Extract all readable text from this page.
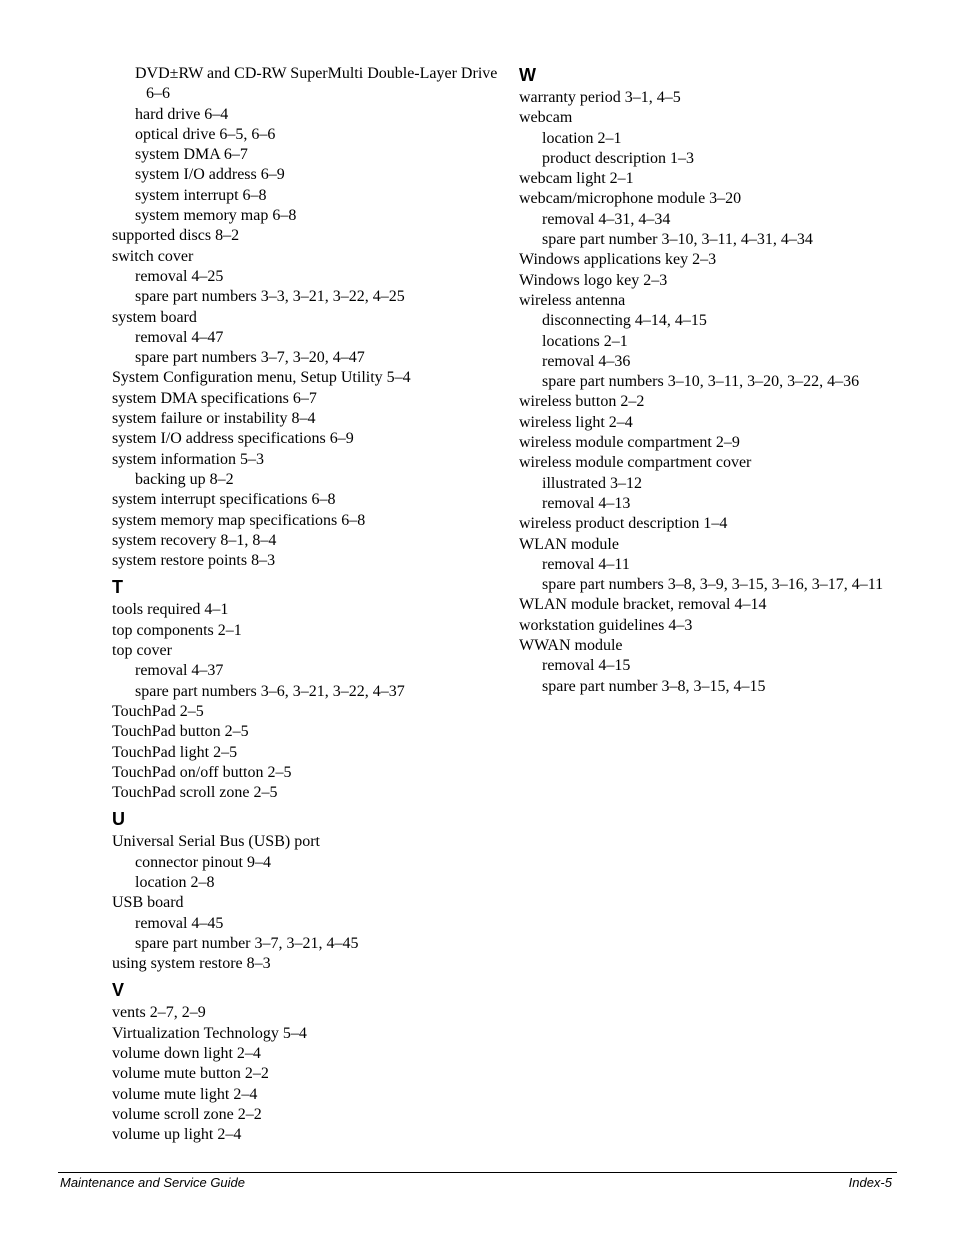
DVD±RW and CD-RW SuperMulti Double-Layer Drive 6–6
hard drive 6–4
optical drive 6–5, 6–6
system DMA 6–7
system I/O address 6–9
system interrupt 6–8
system memory map 6–8
supported discs 8–2
switch cover
removal 4–25
spare part numbers 3–3, 3–21, 3–22, 4–25
system board
removal 4–47
spare part numbers 3–7, 3–20, 4–47
System Configuration menu, Setup Utility 5–4
system DMA specifications 6–7
system failure or instability 8–4
system I/O address specifications 6–9
system information 5–3
backing up 8–2
system interrupt specifications 6–8
system memory map specifications 6–8
system recovery 8–1, 8–4
system restore points 8–3
T
tools required 4–1
top components 2–1
top cover
removal 4–37
spare part numbers 3–6, 3–21, 3–22, 4–37
TouchPad 2–5
TouchPad button 2–5
TouchPad light 2–5
TouchPad on/off button 2–5
TouchPad scroll zone 2–5
U
Universal Serial Bus (USB) port
connector pinout 9–4
location 2–8
USB board
removal 4–45
spare part number 3–7, 3–21, 4–45
using system restore 8–3
V
vents 2–7, 2–9
Virtualization Technology 5–4
volume down light 2–4
volume mute button 2–2
volume mute light 2–4
volume scroll zone 2–2
volume up light 2–4
W
warranty period 3–1, 4–5
webcam
location 2–1
product description 1–3
webcam light 2–1
webcam/microphone module 3–20
removal 4–31, 4–34
spare part number 3–10, 3–11, 4–31, 4–34
Windows applications key 2–3
Windows logo key 2–3
wireless antenna
disconnecting 4–14, 4–15
locations 2–1
removal 4–36
spare part numbers 3–10, 3–11, 3–20, 3–22, 4–36
wireless button 2–2
wireless light 2–4
wireless module compartment 2–9
wireless module compartment cover
illustrated 3–12
removal 4–13
wireless product description 1–4
WLAN module
removal 4–11
spare part numbers 3–8, 3–9, 3–15, 3–16, 3–17, 4–11
WLAN module bracket, removal 4–14
workstation guidelines 4–3
WWAN module
removal 4–15
spare part number 3–8, 3–15, 4–15
Maintenance and Service Guide	Index-5
